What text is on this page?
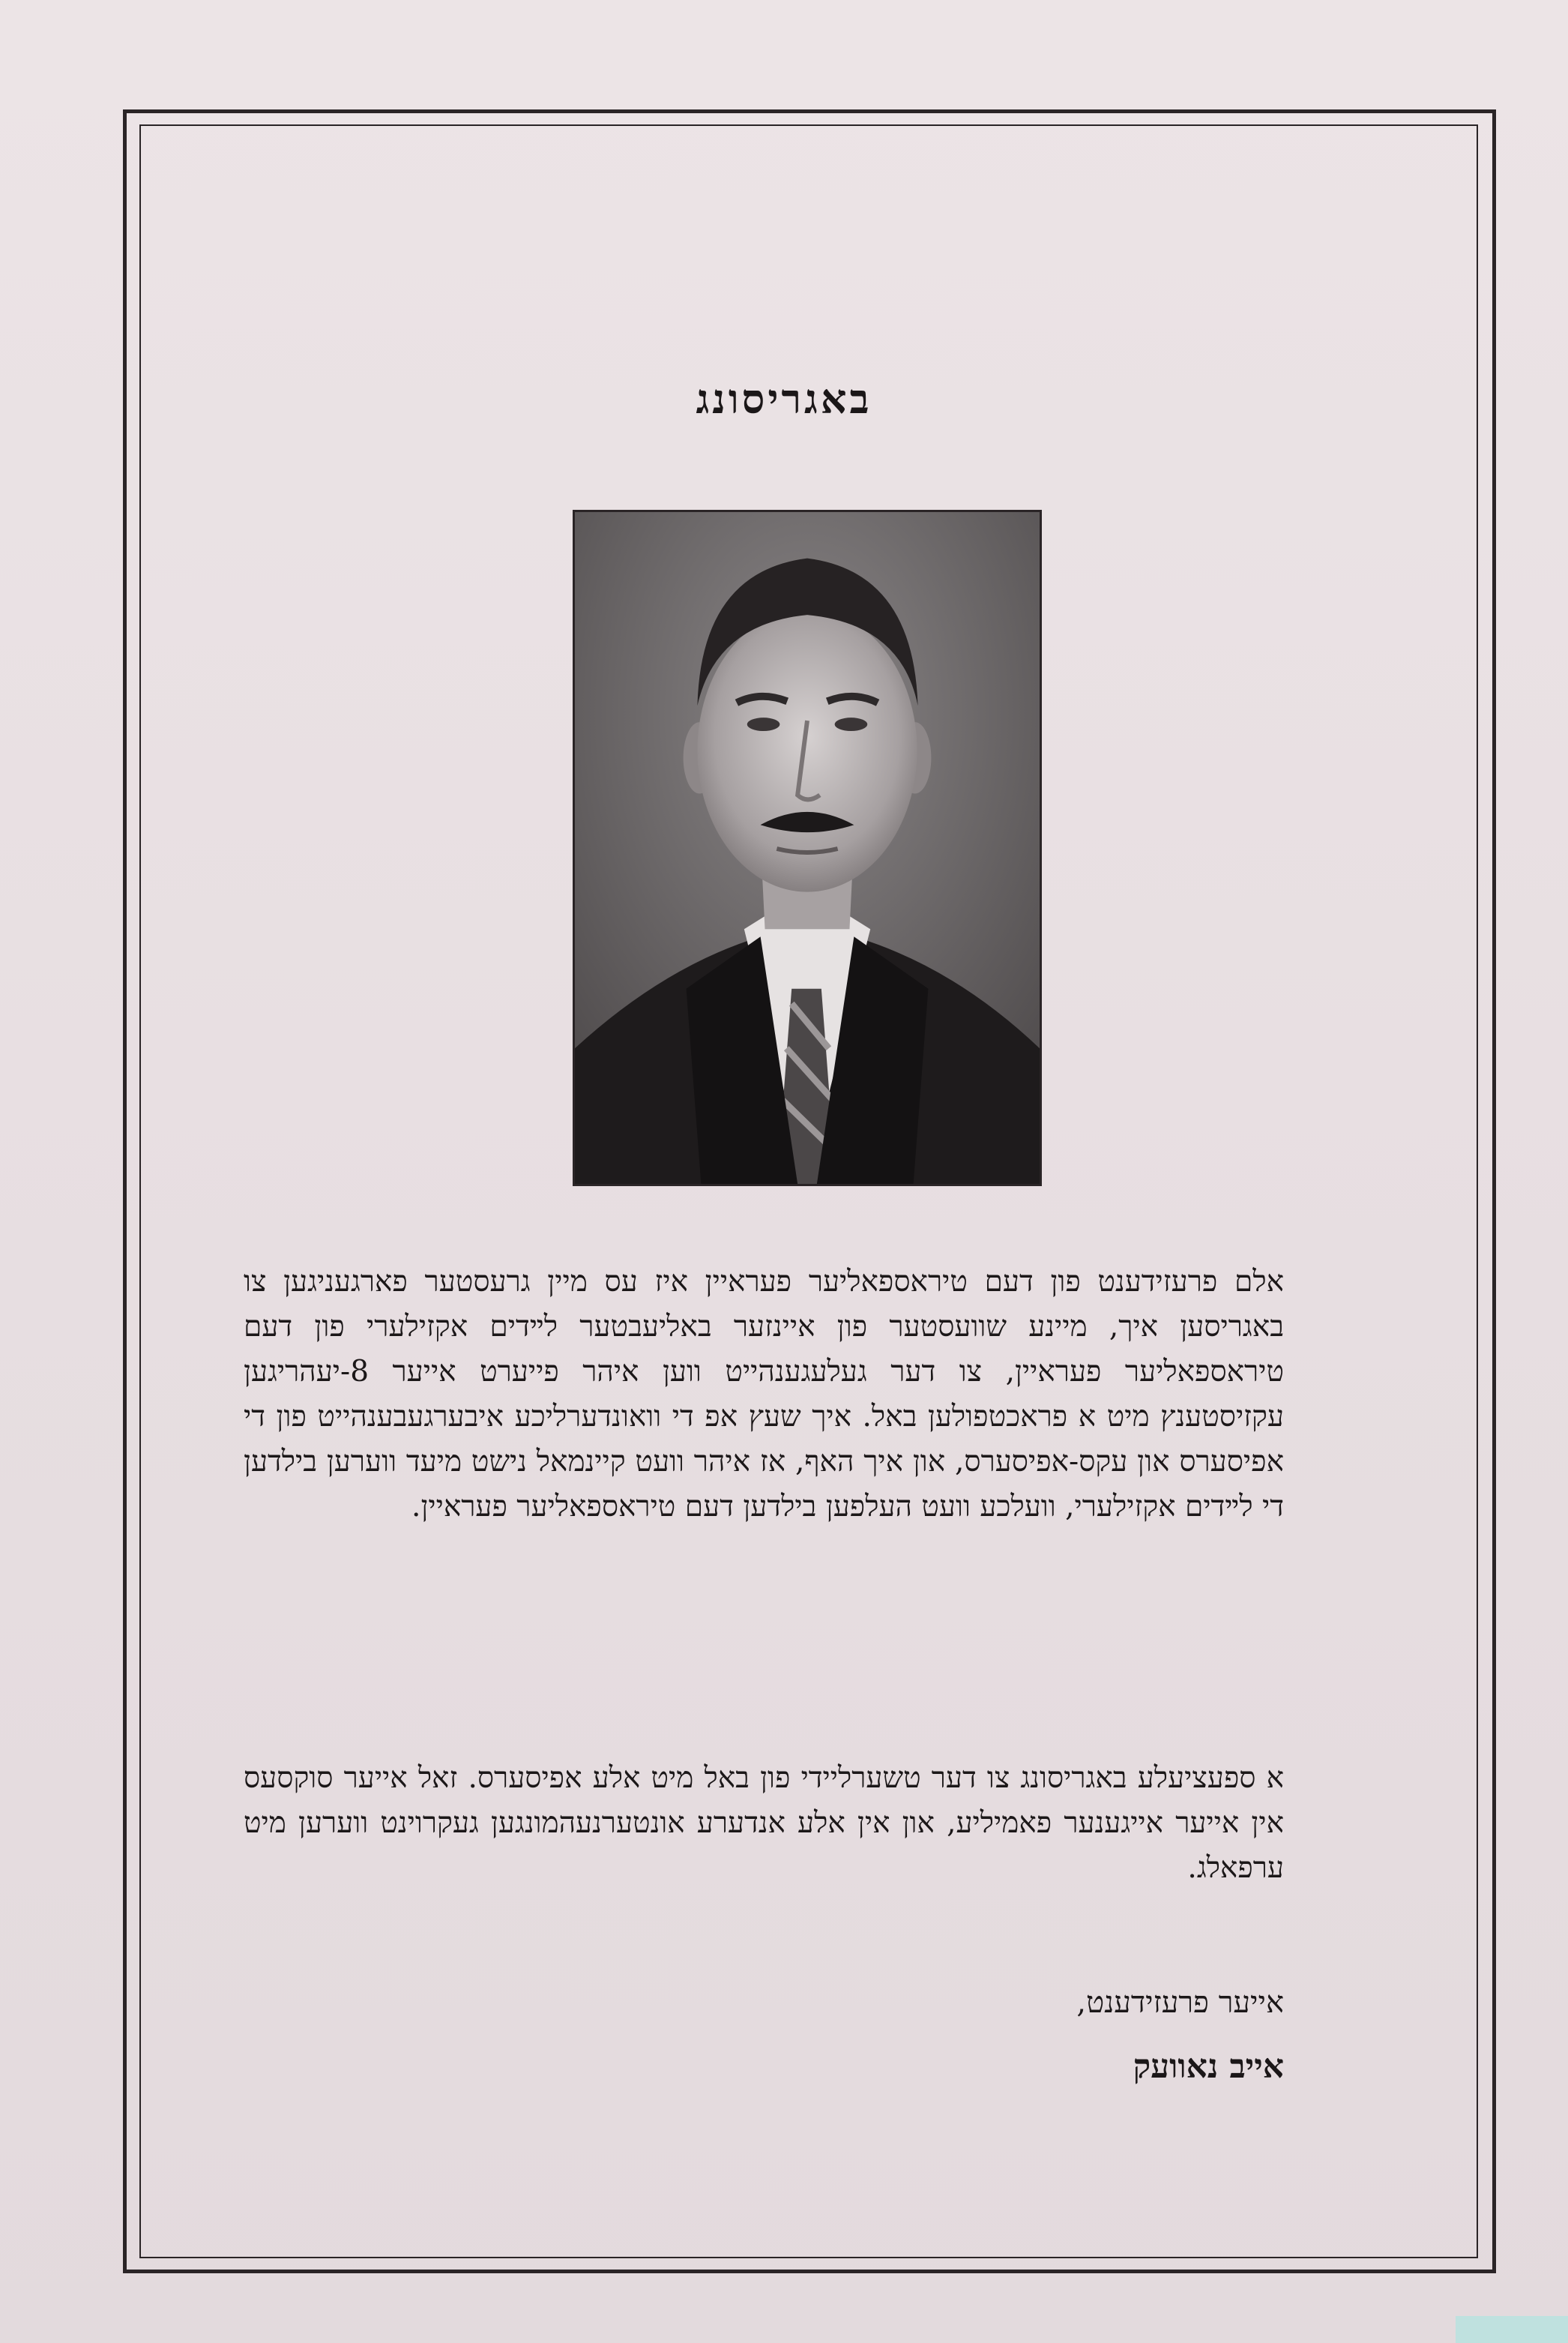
באגריסונג

אלם פרעזידענט פון דעם טיראספאליער פעראיין איז עס מיין גרעסטער פארגעניגען צו באגריסען איך, מיינע שוועסטער פון איינזער באליעבטער לײדים אקזילערי פון דעם טיראספאליער פעראיין, צו דער געלעגענהייט ווען איהר פייערט אייער 8-יעהריגען עקזיסטענץ מיט א פראכטפולען באל. איך שעץ אפ די וואונדערליכע איבערגעבענהייט פון די אפיסערס און עקס-אפיסערס, און איך האף, אז איהר וועט קיינמאל נישט מיעד ווערען בילדען די לײדים אקזילערי, וועלכע וועט העלפען בילדען דעם טיראספאליער פעראיין.

א ספעציעלע באגריסונג צו דער טשערליידי פון באל מיט אלע אפיסערס. זאל אייער סוקסעס אין אייער אייגענער פאמיליע, און אין אלע אנדערע אונטערנעהמונגען געקרוינט ווערען מיט ערפאלג.

אייער פרעזידענט,
אייב נאוועק
